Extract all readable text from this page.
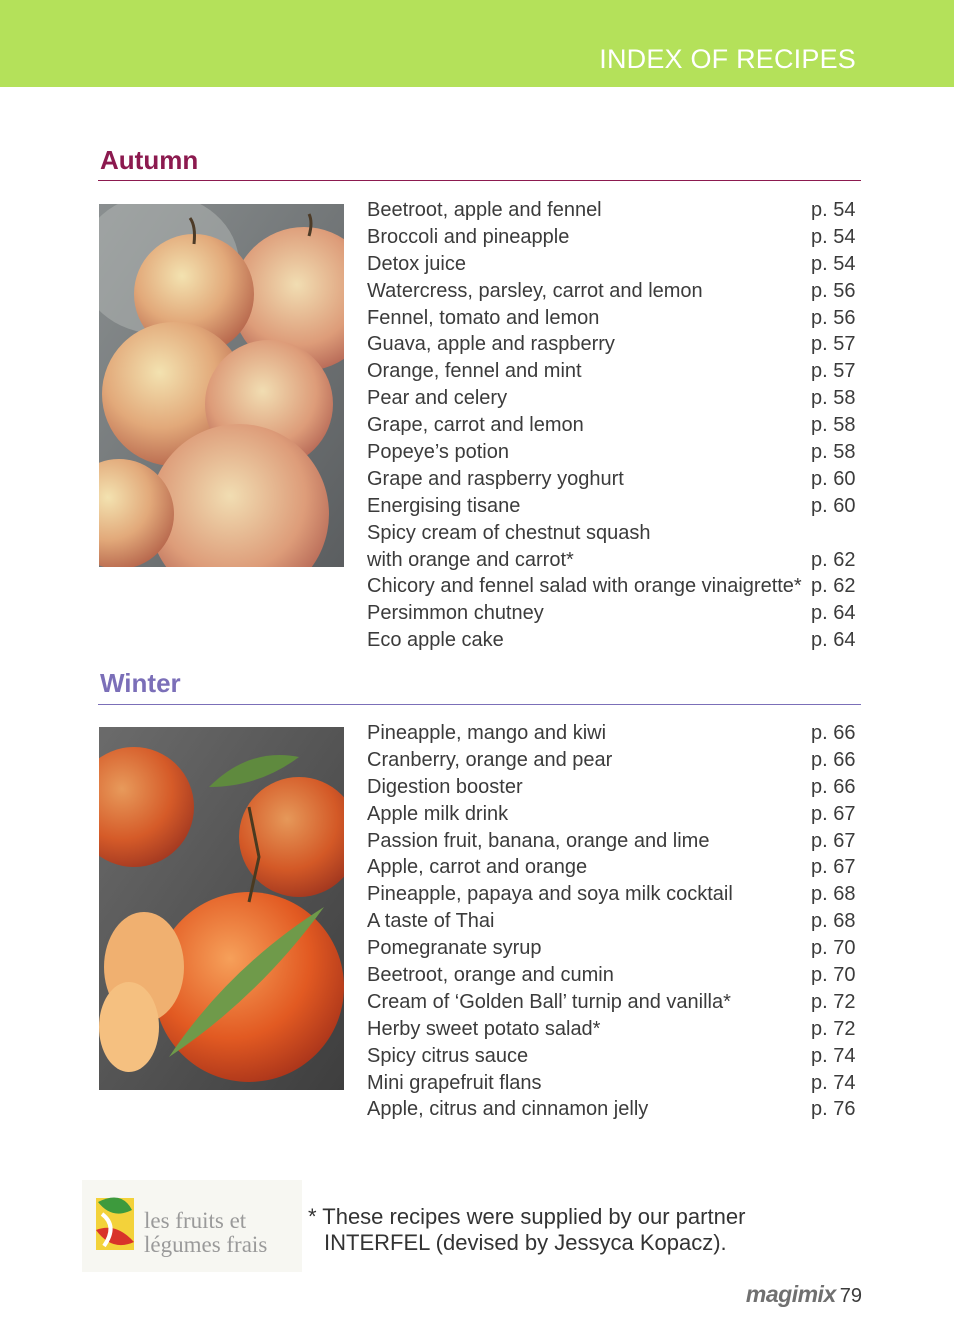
INDEX OF RECIPES
Autumn
Beetroot, apple and fennel	p. 54
Broccoli and pineapple	p. 54
Detox juice	p. 54
Watercress, parsley, carrot and lemon	p. 56
Fennel, tomato and lemon	p. 56
Guava, apple and raspberry	p. 57
Orange, fennel and mint	p. 57
Pear and celery	p. 58
Grape, carrot and lemon	p. 58
Popeye’s potion	p. 58
Grape and raspberry yoghurt	p. 60
Energising tisane	p. 60
Spicy cream of chestnut squash
with orange and carrot*	p. 62
Chicory and fennel salad with orange vinaigrette* p. 62
Persimmon chutney	p. 64
Eco apple cake	p. 64
Winter
Pineapple, mango and kiwi	p. 66
Cranberry, orange and pear	p. 66
Digestion booster	p. 66
Apple milk drink	p. 67
Passion fruit, banana, orange and lime	p. 67
Apple, carrot and orange	p. 67
Pineapple, papaya and soya milk cocktail	p. 68
A taste of Thai	p. 68
Pomegranate syrup	p. 70
Beetroot, orange and cumin	p. 70
Cream of ‘Golden Ball’ turnip and vanilla*	p. 72
Herby sweet potato salad*	p. 72
Spicy citrus sauce	p. 74
Mini grapefruit flans	p. 74
Apple, citrus and cinnamon jelly	p. 76
les fruits et
légumes frais
* These recipes were supplied by our partner
INTERFEL (devised by Jessyca Kopacz).
magimix 79
